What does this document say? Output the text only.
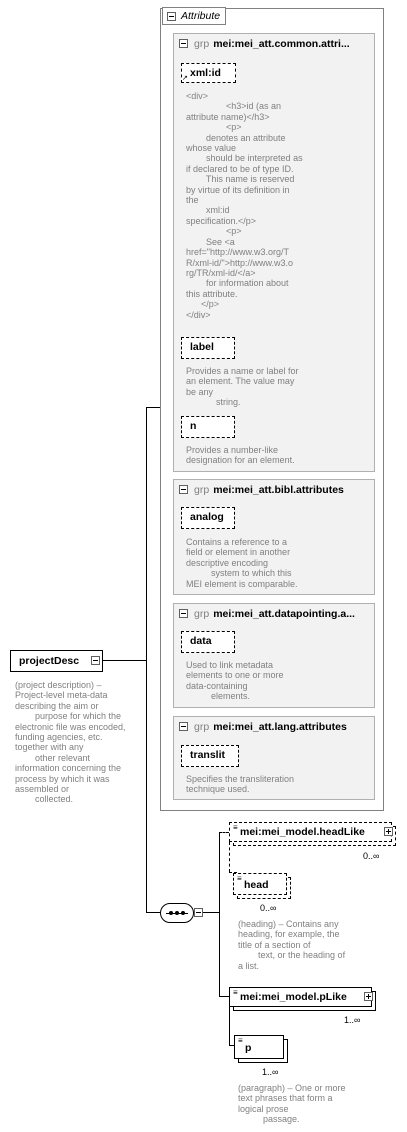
Attribute
grp mei:mei_att.common.attri...
xml:id
↗
<div>
<h3>id (as an
attribute name)</h3>
<p>
denotes an attribute
whose value
should be interpreted as
if declared to be of type ID.
This name is reserved
by virtue of its definition in
the
xml:id
specification.</p>
<p>
See <a
href="http://www.w3.org/T
R/xml-id/">http://www.w3.o
rg/TR/xml-id/</a>
for information about
this attribute.
</p>
</div>
label
Provides a name or label for
an element. The value may
be any
string.
n
Provides a number-like
designation for an element.
grp mei:mei_att.bibl.attributes
analog
Contains a reference to a
field or element in another
descriptive encoding
system to which this
MEI element is comparable.
grp mei:mei_att.datapointing.a...
data
Used to link metadata
elements to one or more
data-containing
elements.
grp mei:mei_att.lang.attributes
translit
Specifies the transliteration
technique used.
projectDesc
(project description) –
Project-level meta-data
describing the aim or
purpose for which the
electronic file was encoded,
funding agencies, etc.
together with any
other relevant
information concerning the
process by which it was
assembled or
collected.
≡ mei:mei_model.headLike
0..∞
≡
head
0..∞
(heading) – Contains any
heading, for example, the
title of a section of
text, or the heading of
a list.
≡ mei:mei_model.pLike
1..∞
≡
p
1..∞
(paragraph) – One or more
text phrases that form a
logical prose
passage.
